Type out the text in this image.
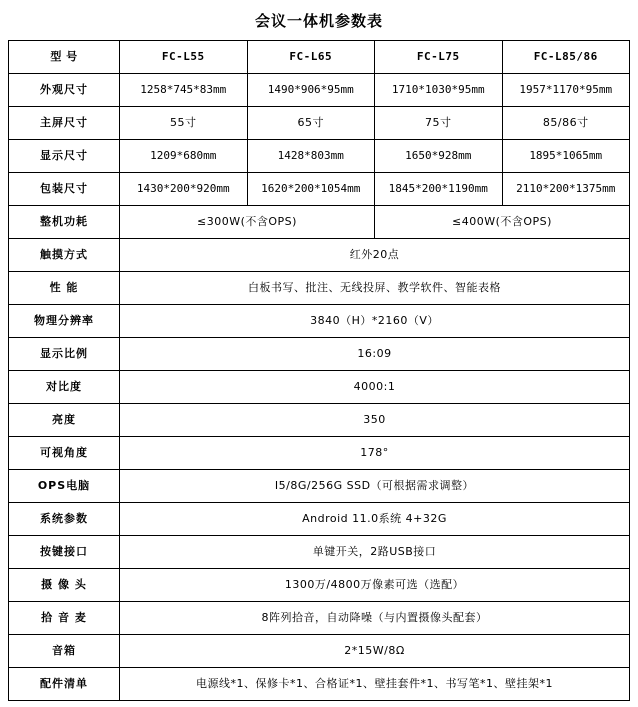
会议一体机参数表
型 号	FC-L55	FC-L65	FC-L75	FC-L85/86
外观尺寸	1258*745*83mm	1490*906*95mm	1710*1030*95mm	1957*1170*95mm
主屏尺寸	55寸	65寸	75寸	85/86寸
显示尺寸	1209*680mm	1428*803mm	1650*928mm	1895*1065mm
包装尺寸	1430*200*920mm	1620*200*1054mm	1845*200*1190mm	2110*200*1375mm
整机功耗	≤300W(不含OPS)		≤400W(不含OPS)	
触摸方式	红外20点			
性 能	白板书写、批注、无线投屏、教学软件、智能表格			
物理分辨率	3840（H）*2160（V）			
显示比例	16:09			
对比度	4000:1			
亮度	350			
可视角度	178°			
OPS电脑	I5/8G/256G SSD（可根据需求调整）			
系统参数	Android 11.0系统 4+32G			
按键接口	单键开关，2路USB接口			
摄 像 头	1300万/4800万像素可选（选配）			
拾 音 麦	8阵列拾音，自动降噪（与内置摄像头配套）			
音箱	2*15W/8Ω			
配件清单	电源线*1、保修卡*1、合格证*1、壁挂套件*1、书写笔*1、壁挂架*1			
